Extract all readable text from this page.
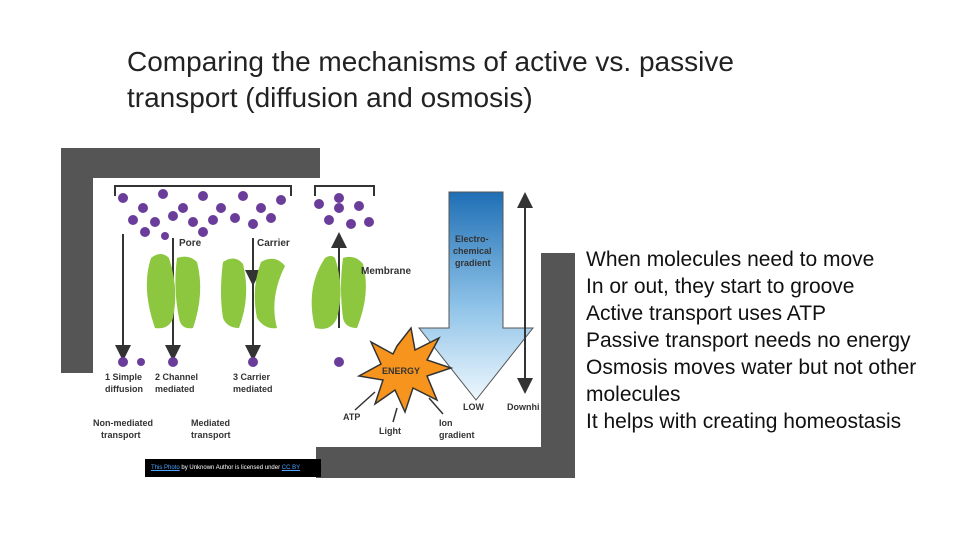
Comparing the mechanisms of active vs. passive
transport (diffusion and osmosis)
Pore	Carrier
Membrane
Electro-
chemical
gradient
ENERGY
ATP
Light
Ion
gradient
LOW	Downhi
1 Simple
diffusion
2 Channel
mediated
3 Carrier
mediated
Non-mediated
transport
Mediated
transport
This Photo by Unknown Author is licensed under CC BY
When molecules need to move
In or out, they start to groove
Active transport uses ATP
Passive transport needs no energy
Osmosis moves water but not other
molecules
It helps with creating homeostasis
